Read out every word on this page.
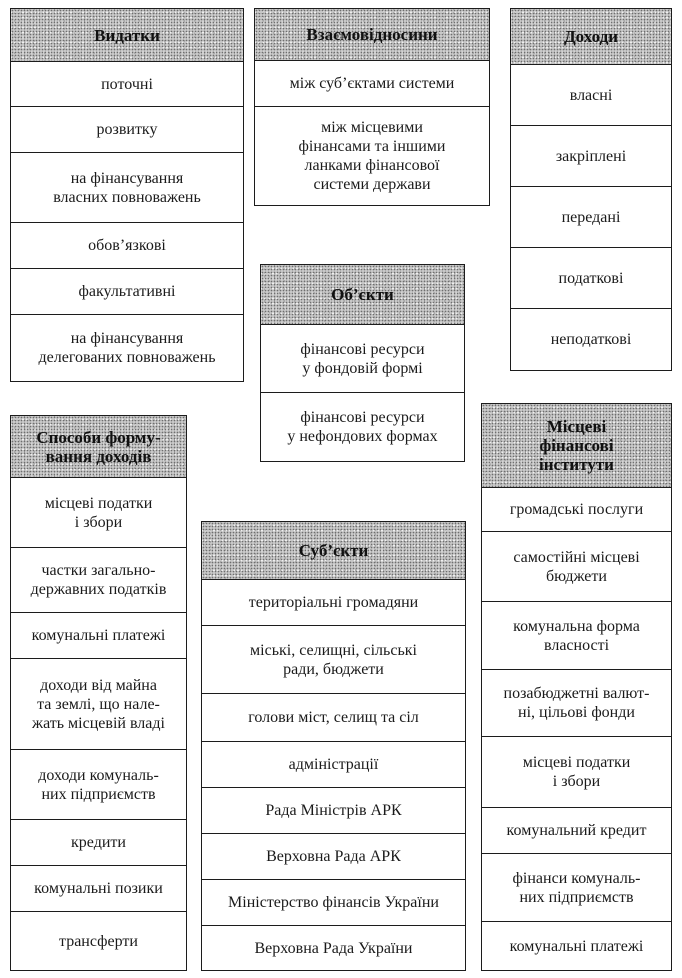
Видатки
поточні
розвитку
на фінансування
власних повноважень
обов’язкові
факультативні
на фінансування
делегованих повноважень
Взаємовідносини
між суб’єктами системи
між місцевими
фінансами та іншими
ланками фінансової
системи держави
Доходи
власні
закріплені
передані
податкові
неподаткові
Об’єкти
фінансові ресурси
у фондовій формі
фінансові ресурси
у нефондових формах
Способи форму-
вання доходів
місцеві податки
і збори
частки загально-
державних податків
комунальні платежі
доходи від майна
та землі, що нале-
жать місцевій владі
доходи комуналь-
них підприємств
кредити
комунальні позики
трансферти
Суб’єкти
територіальні громадяни
міські, селищні, сільські
ради, бюджети
голови міст, селищ та сіл
адміністрації
Рада Міністрів АРК
Верховна Рада АРК
Міністерство фінансів України
Верховна Рада України
Місцеві
фінансові
інститути
громадські послуги
самостійні місцеві
бюджети
комунальна форма
власності
позабюджетні валют-
ні, цільові фонди
місцеві податки
і збори
комунальний кредит
фінанси комуналь-
них підприємств
комунальні платежі
